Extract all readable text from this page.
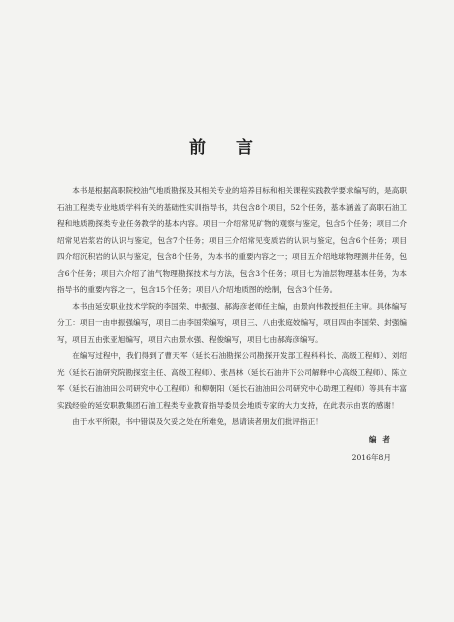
前 言

本书是根据高职院校油气地质勘探及其相关专业的培养目标和相关课程实践教学要求编写的，是高职石油工程类专业地质学科有关的基础性实训指导书，共包含8个项目，52个任务，基本涵盖了高职石油工程和地质勘探类专业任务教学的基本内容。项目一介绍常见矿物的观察与鉴定，包含5个任务；项目二介绍常见岩浆岩的认识与鉴定，包含7个任务；项目三介绍常见变质岩的认识与鉴定，包含6个任务；项目四介绍沉积岩的认识与鉴定，包含8个任务，为本书的重要内容之一；项目五介绍地球物理测井任务，包含6个任务；项目六介绍了油气物理勘探技术与方法，包含3个任务；项目七为油层物理基本任务，为本指导书的重要内容之一，包含15个任务；项目八介绍地质图的绘制，包含3个任务。

本书由延安职业技术学院的李国荣、申振强、郝海彦老师任主编，由景向伟教授担任主审。具体编写分工：项目一由申振强编写，项目二由李国荣编写，项目三、八由张庭姣编写，项目四由李国荣、封强编写，项目五由张亚旭编写，项目六由景水强、程俊编写，项目七由郝海彦编写。

在编写过程中，我们得到了曹天军（延长石油勘探公司勘探开发部工程科科长、高级工程师）、刘绍光（延长石油研究院勘探室主任、高级工程师）、张昌林（延长石油井下公司解释中心高级工程师）、陈立军（延长石油油田公司研究中心工程师）和柳朝阳（延长石油油田公司研究中心助理工程师）等具有丰富实践经验的延安职教集团石油工程类专业教育指导委员会地质专家的大力支持，在此表示由衷的感谢！

由于水平所限，书中错误及欠妥之处在所难免，恳请读者朋友们批评指正！

编者
2016年8月
